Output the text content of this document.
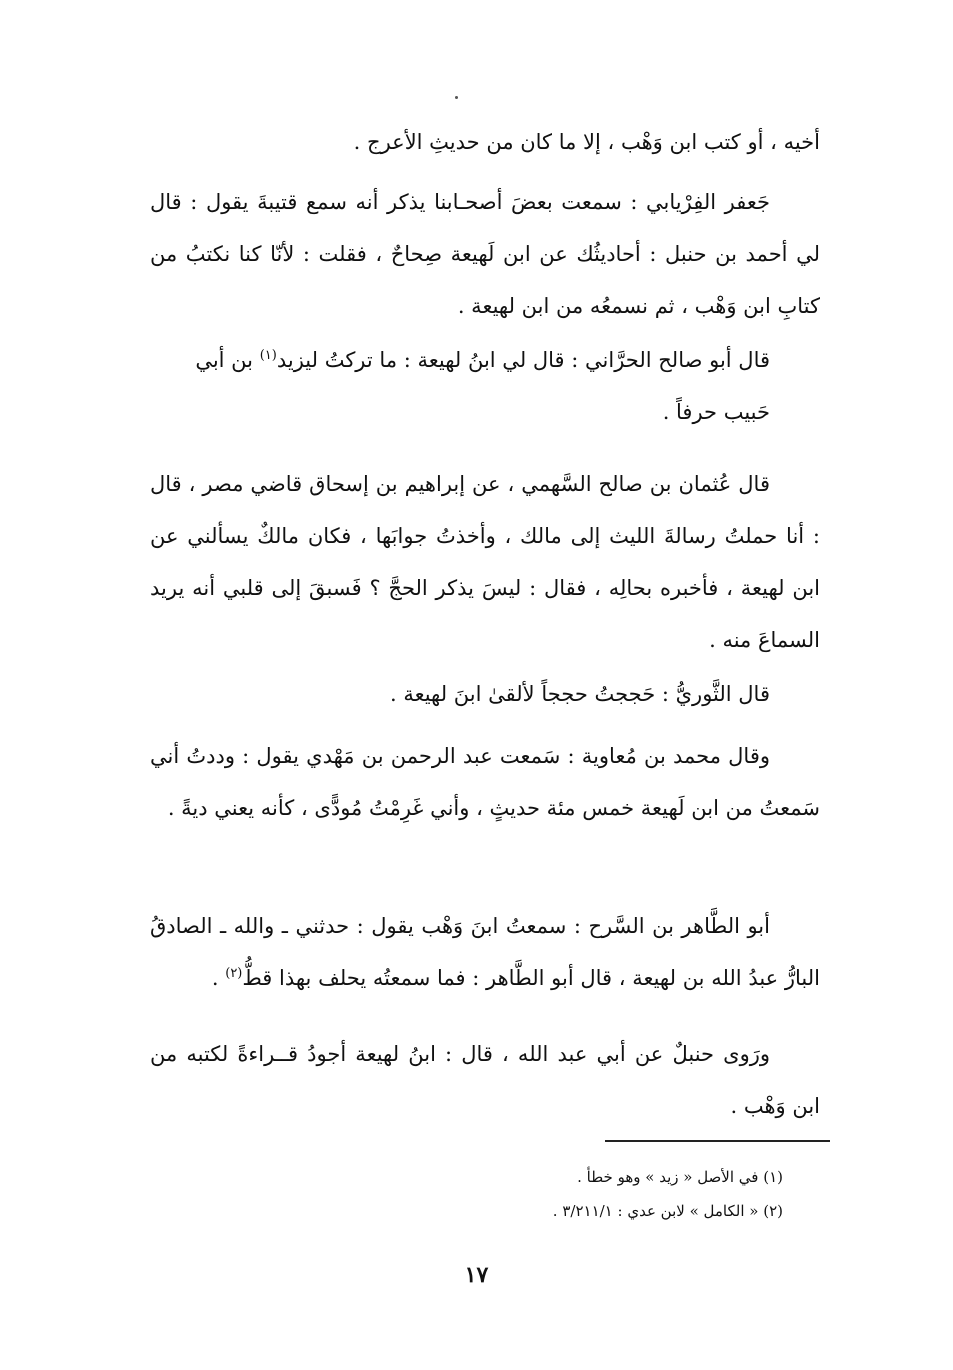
أخيه ، أو كتب ابن وَهْب ، إلا ما كان من حديثِ الأعرج .

جَعفر الفِرْيابي : سمعت بعضَ أصحـابنا يذكر أنه سمع قتيبةَ يقول : قال لي أحمد بن حنبل : أحاديثُك عن ابن لَهيعة صِحاحٌ ، فقلت : لأنّا كنا نكتبُ من كتابِ ابن وَهْب ، ثم نسمعُه من ابن لهيعة .

قال أبو صالح الحرَّاني : قال لي ابنُ لهيعة : ما تركتُ ليزيد$^{(١)}$ بن أبي

حَبيب حرفاً .

قال عُثمان بن صالح السَّهمي ، عن إبراهيم بن إسحاق قاضي مصر ، قال : أنا حملتُ رسالةَ الليث إلى مالك ، وأخذتُ جوابَها ، فكان مالكٌ يسألني عن ابن لهيعة ، فأخبره بحالِه ، فقال : ليسَ يذكر الحجَّ ؟ فَسبقَ إلى قلبي أنه يريد السماعَ منه .

قال الثَّوريُّ : حَججتُ حججاً لألقىٰ ابنَ لهيعة .

وقال محمد بن مُعاوية : سَمعت عبد الرحمن بن مَهْدي يقول : وددتُ أني سَمعتُ من ابن لَهيعة خمس مئة حديثٍ ، وأني غَرِمْتُ مُودًّى ، كأنه يعني ديةً .

أبو الطَّاهر بن السَّرح : سمعتُ ابنَ وَهْب يقول : حدثني ـ والله ـ الصادقُ البارُّ عبدُ الله بن لهيعة ، قال أبو الطَّاهر : فما سمعتُه يحلف بهذا قطُّ$^{(٢)}$ .

ورَوى حنبلٌ عن أبي عبد الله ، قال : ابنُ لهيعة أجودُ قــراءةً لكتبه من ابن وَهْب .

(١) في الأصل « زيد » وهو خطأ .

(٢) « الكامل » لابن عدي : ٣/٢١١/١ .

١٧
